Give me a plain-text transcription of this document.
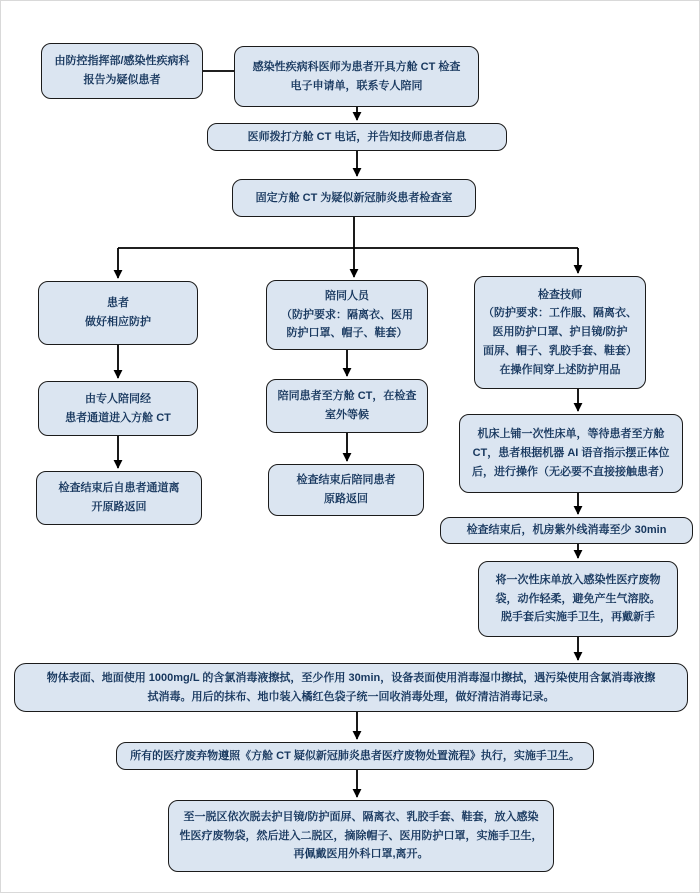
由防控指挥部/感染性疾病科
报告为疑似患者
感染性疾病科医师为患者开具方舱 CT 检查
电子申请单，联系专人陪同
医师拨打方舱 CT 电话，并告知技师患者信息
固定方舱 CT 为疑似新冠肺炎患者检查室
患者
做好相应防护
陪同人员
（防护要求：隔离衣、医用
防护口罩、帽子、鞋套）
检查技师
（防护要求：工作服、隔离衣、
医用防护口罩、护目镜/防护
面屏、帽子、乳胶手套、鞋套）
在操作间穿上述防护用品
由专人陪同经
患者通道进入方舱 CT
陪同患者至方舱 CT，在检查
室外等候
机床上铺一次性床单，等待患者至方舱
CT，患者根据机器 AI 语音指示摆正体位
后，进行操作（无必要不直接接触患者）
检查结束后自患者通道离
开原路返回
检查结束后陪同患者
原路返回
检查结束后，机房紫外线消毒至少 30min
将一次性床单放入感染性医疗废物
袋，动作轻柔，避免产生气溶胶。
脱手套后实施手卫生，再戴新手
物体表面、地面使用 1000mg/L 的含氯消毒液擦拭，至少作用 30min，设备表面使用消毒湿巾擦拭，遇污染使用含氯消毒液擦
拭消毒。用后的抹布、地巾装入橘红色袋子统一回收消毒处理，做好清洁消毒记录。
所有的医疗废弃物遵照《方舱 CT 疑似新冠肺炎患者医疗废物处置流程》执行，实施手卫生。
至一脱区依次脱去护目镜/防护面屏、隔离衣、乳胶手套、鞋套，放入感染
性医疗废物袋，然后进入二脱区，摘除帽子、医用防护口罩，实施手卫生，
再佩戴医用外科口罩,离开。
